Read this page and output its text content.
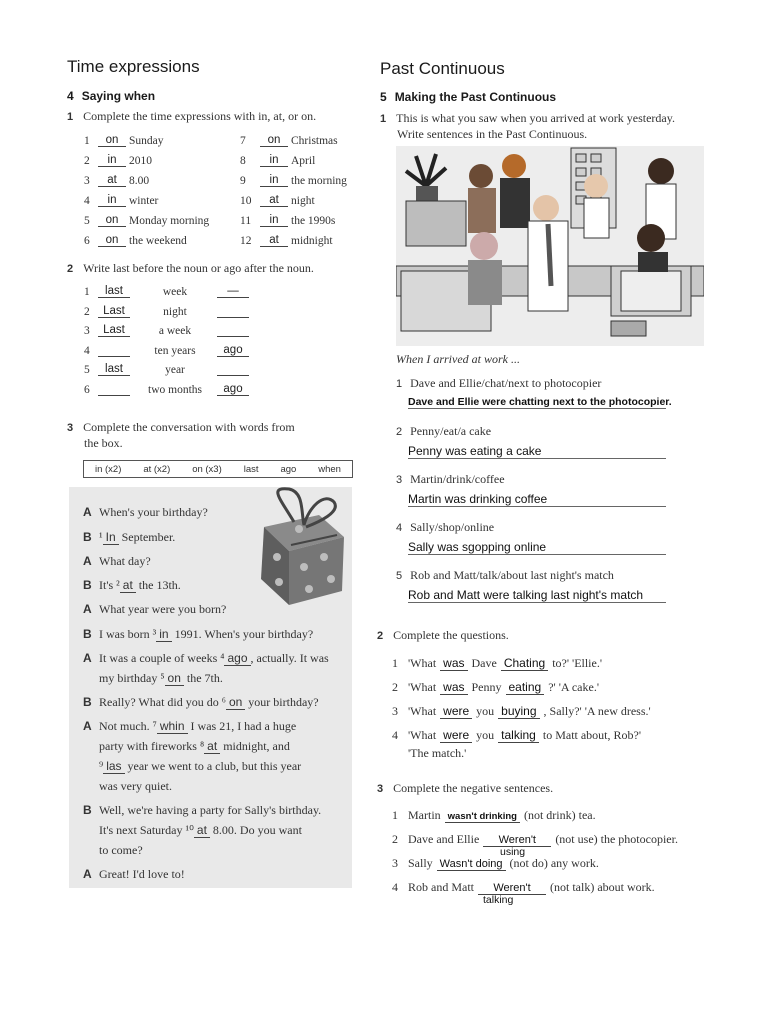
Time expressions
4 Saying when
1 Complete the time expressions with in, at, or on.
1	on Sunday
2	in	2010
3	at	8.00
4	in	winter
5	on Monday morning
6	on the weekend
7	on Christmas
8	in	April
9	in	the morning
10	at	night
11	in	the 1990s
12	at	midnight
2 Write last before the noun or ago after the noun.
1	last	week	—
2	Last	night
3	Last	a week
4	ten years	ago
5	last	year
6	two months	ago
3 Complete the conversation with words from
the box.
in (x2) at (x2) on (x3) last ago when
A When's your birthday?
B ¹ In September.
A What day?
B It's ² at the 13th.
A What year were you born?
B I was born ³ in 1991. When's your birthday?
A It was a couple of weeks ⁴ ago , actually. It was
my birthday ⁵ on the 7th.
B Really? What did you do ⁶ on your birthday?
A Not much. ⁷ whin I was 21, I had a huge
party with fireworks ⁸ at midnight, and
⁹ las year we went to a club, but this year
was very quiet.
B Well, we're having a party for Sally's birthday.
It's next Saturday ¹⁰ at 8.00. Do you want
to come?
A Great! I'd love to!
Past Continuous
5 Making the Past Continuous
1 This is what you saw when you arrived at work yesterday.
Write sentences in the Past Continuous.
When I arrived at work ...
1 Dave and Ellie/chat/next to photocopier
Dave and Ellie were chatting next to the photocopier.
2 Penny/eat/a cake
Penny was eating a cake
3 Martin/drink/coffee
Martin was drinking coffee
4 Sally/shop/online
Sally was sgopping online
5 Rob and Matt/talk/about last night's match
Rob and Matt were talking last night's match
2 Complete the questions.
1 'What was Dave Chating to?' 'Ellie.'
2 'What was Penny eating ?' 'A cake.'
3 'What were you buying , Sally?' 'A new dress.'
4 'What were you talking to Matt about, Rob?'
'The match.'
3 Complete the negative sentences.
1 Martin wasn't drinking (not drink) tea.
2 Dave and Ellie Weren't (not use) the photocopier.
using
3 Sally Wasn't doing (not do) any work.
4 Rob and Matt Weren't (not talk) about work.
talking
